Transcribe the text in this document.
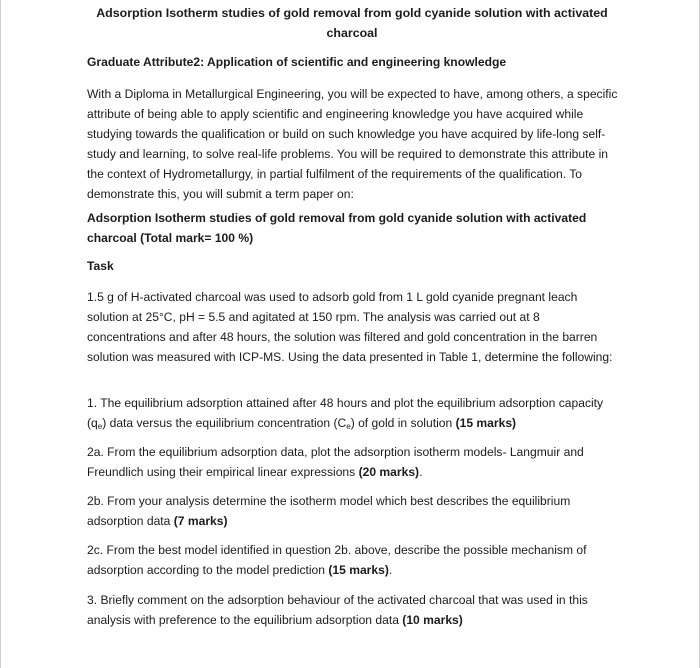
Adsorption Isotherm studies of gold removal from gold cyanide solution with activated charcoal
Graduate Attribute2: Application of scientific and engineering knowledge
With a Diploma in Metallurgical Engineering, you will be expected to have, among others, a specific attribute of being able to apply scientific and engineering knowledge you have acquired while studying towards the qualification or build on such knowledge you have acquired by life-long self-study and learning, to solve real-life problems. You will be required to demonstrate this attribute in the context of Hydrometallurgy, in partial fulfilment of the requirements of the qualification. To demonstrate this, you will submit a term paper on:
Adsorption Isotherm studies of gold removal from gold cyanide solution with activated charcoal (Total mark= 100 %)
Task
1.5 g of H-activated charcoal was used to adsorb gold from 1 L gold cyanide pregnant leach solution at 25°C, pH = 5.5 and agitated at 150 rpm. The analysis was carried out at 8 concentrations and after 48 hours, the solution was filtered and gold concentration in the barren solution was measured with ICP-MS. Using the data presented in Table 1, determine the following:
1. The equilibrium adsorption attained after 48 hours and plot the equilibrium adsorption capacity $(q_e)$ data versus the equilibrium concentration $(C_e)$ of gold in solution (15 marks)
2a. From the equilibrium adsorption data, plot the adsorption isotherm models- Langmuir and Freundlich using their empirical linear expressions (20 marks).
2b. From your analysis determine the isotherm model which best describes the equilibrium adsorption data (7 marks)
2c. From the best model identified in question 2b. above, describe the possible mechanism of adsorption according to the model prediction (15 marks).
3. Briefly comment on the adsorption behaviour of the activated charcoal that was used in this analysis with preference to the equilibrium adsorption data (10 marks)
